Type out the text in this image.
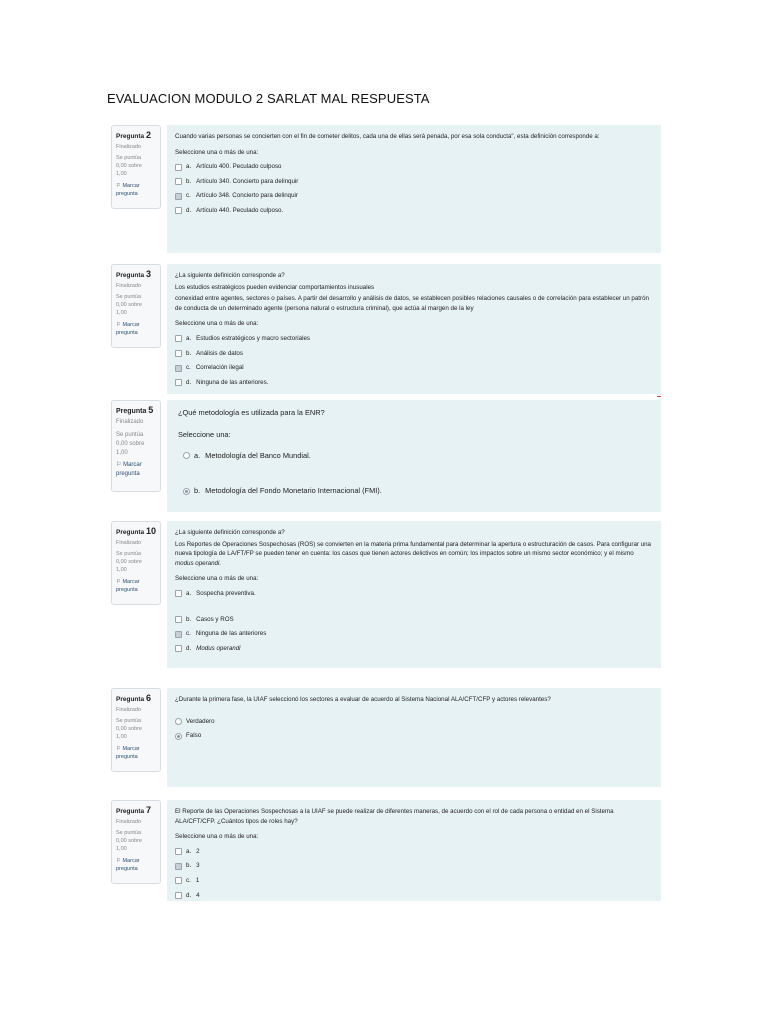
EVALUACION MODULO 2 SARLAT MAL RESPUESTA
Pregunta 2
Finalizado
Se puntúa
0,00 sobre
1,00
⚐ Marcar pregunta

Cuando varias personas se concierten con el fin de cometer delitos, cada una de ellas será penada, por esa sola conducta", esta definición corresponde a:

Seleccione una o más de una:

a. Artículo 400. Peculado culposo
b. Artículo 340. Concierto para delinquir
c. Artículo 348. Concierto para delinquir
d. Artículo 440. Peculado culposo.
Pregunta 3
Finalizado
Se puntúa
0,00 sobre
1,00
⚐ Marcar pregunta

¿La siguiente definición corresponde a?

Los estudios estratégicos pueden evidenciar comportamientos inusuales

conexidad entre agentes, sectores o países. A partir del desarrollo y análisis de datos, se establecen posibles relaciones causales o de correlación para establecer un patrón de conducta de un determinado agente (persona natural o estructura criminal), que actúa al margen de la ley

Seleccione una o más de una:

a. Estudios estratégicos y macro sectoriales
b. Análisis de datos
c. Correlación ilegal
d. Ninguna de las anteriores.
Pregunta 5
Finalizado
Se puntúa
0,00 sobre
1,00
⚐ Marcar pregunta

¿Qué metodología es utilizada para la ENR?

Seleccione una:

a. Metodología del Banco Mundial.
b. Metodología del Fondo Monetario Internacional (FMI).
Pregunta 10
Finalizado
Se puntúa
0,00 sobre
1,00
⚐ Marcar pregunta

¿La siguiente definición corresponde a?

Los Reportes de Operaciones Sospechosas (ROS) se convierten en la materia prima fundamental para determinar la apertura o estructuración de casos. Para configurar una nueva tipología de LA/FT/FP se pueden tener en cuenta: los casos que tienen actores delictivos en común; los impactos sobre un mismo sector económico; y el mismo modus operandi.

Seleccione una o más de una:

a. Sospecha preventiva.
b. Casos y ROS
c. Ninguna de las anteriores
d. Modus operandi
Pregunta 6
Finalizado
Se puntúa
0,00 sobre
1,00
⚐ Marcar pregunta

¿Durante la primera fase, la UIAF seleccionó los sectores a evaluar de acuerdo al Sistema Nacional ALA/CFT/CFP y actores relevantes?

Verdadero
Falso
Pregunta 7
Finalizado
Se puntúa
0,00 sobre
1,00
⚐ Marcar pregunta

El Reporte de las Operaciones Sospechosas a la UIAF se puede realizar de diferentes maneras, de acuerdo con el rol de cada persona o entidad en el Sistema ALA/CFT/CFP. ¿Cuántos tipos de roles hay?

Seleccione una o más de una:

a. 2
b. 3
c. 1
d. 4
